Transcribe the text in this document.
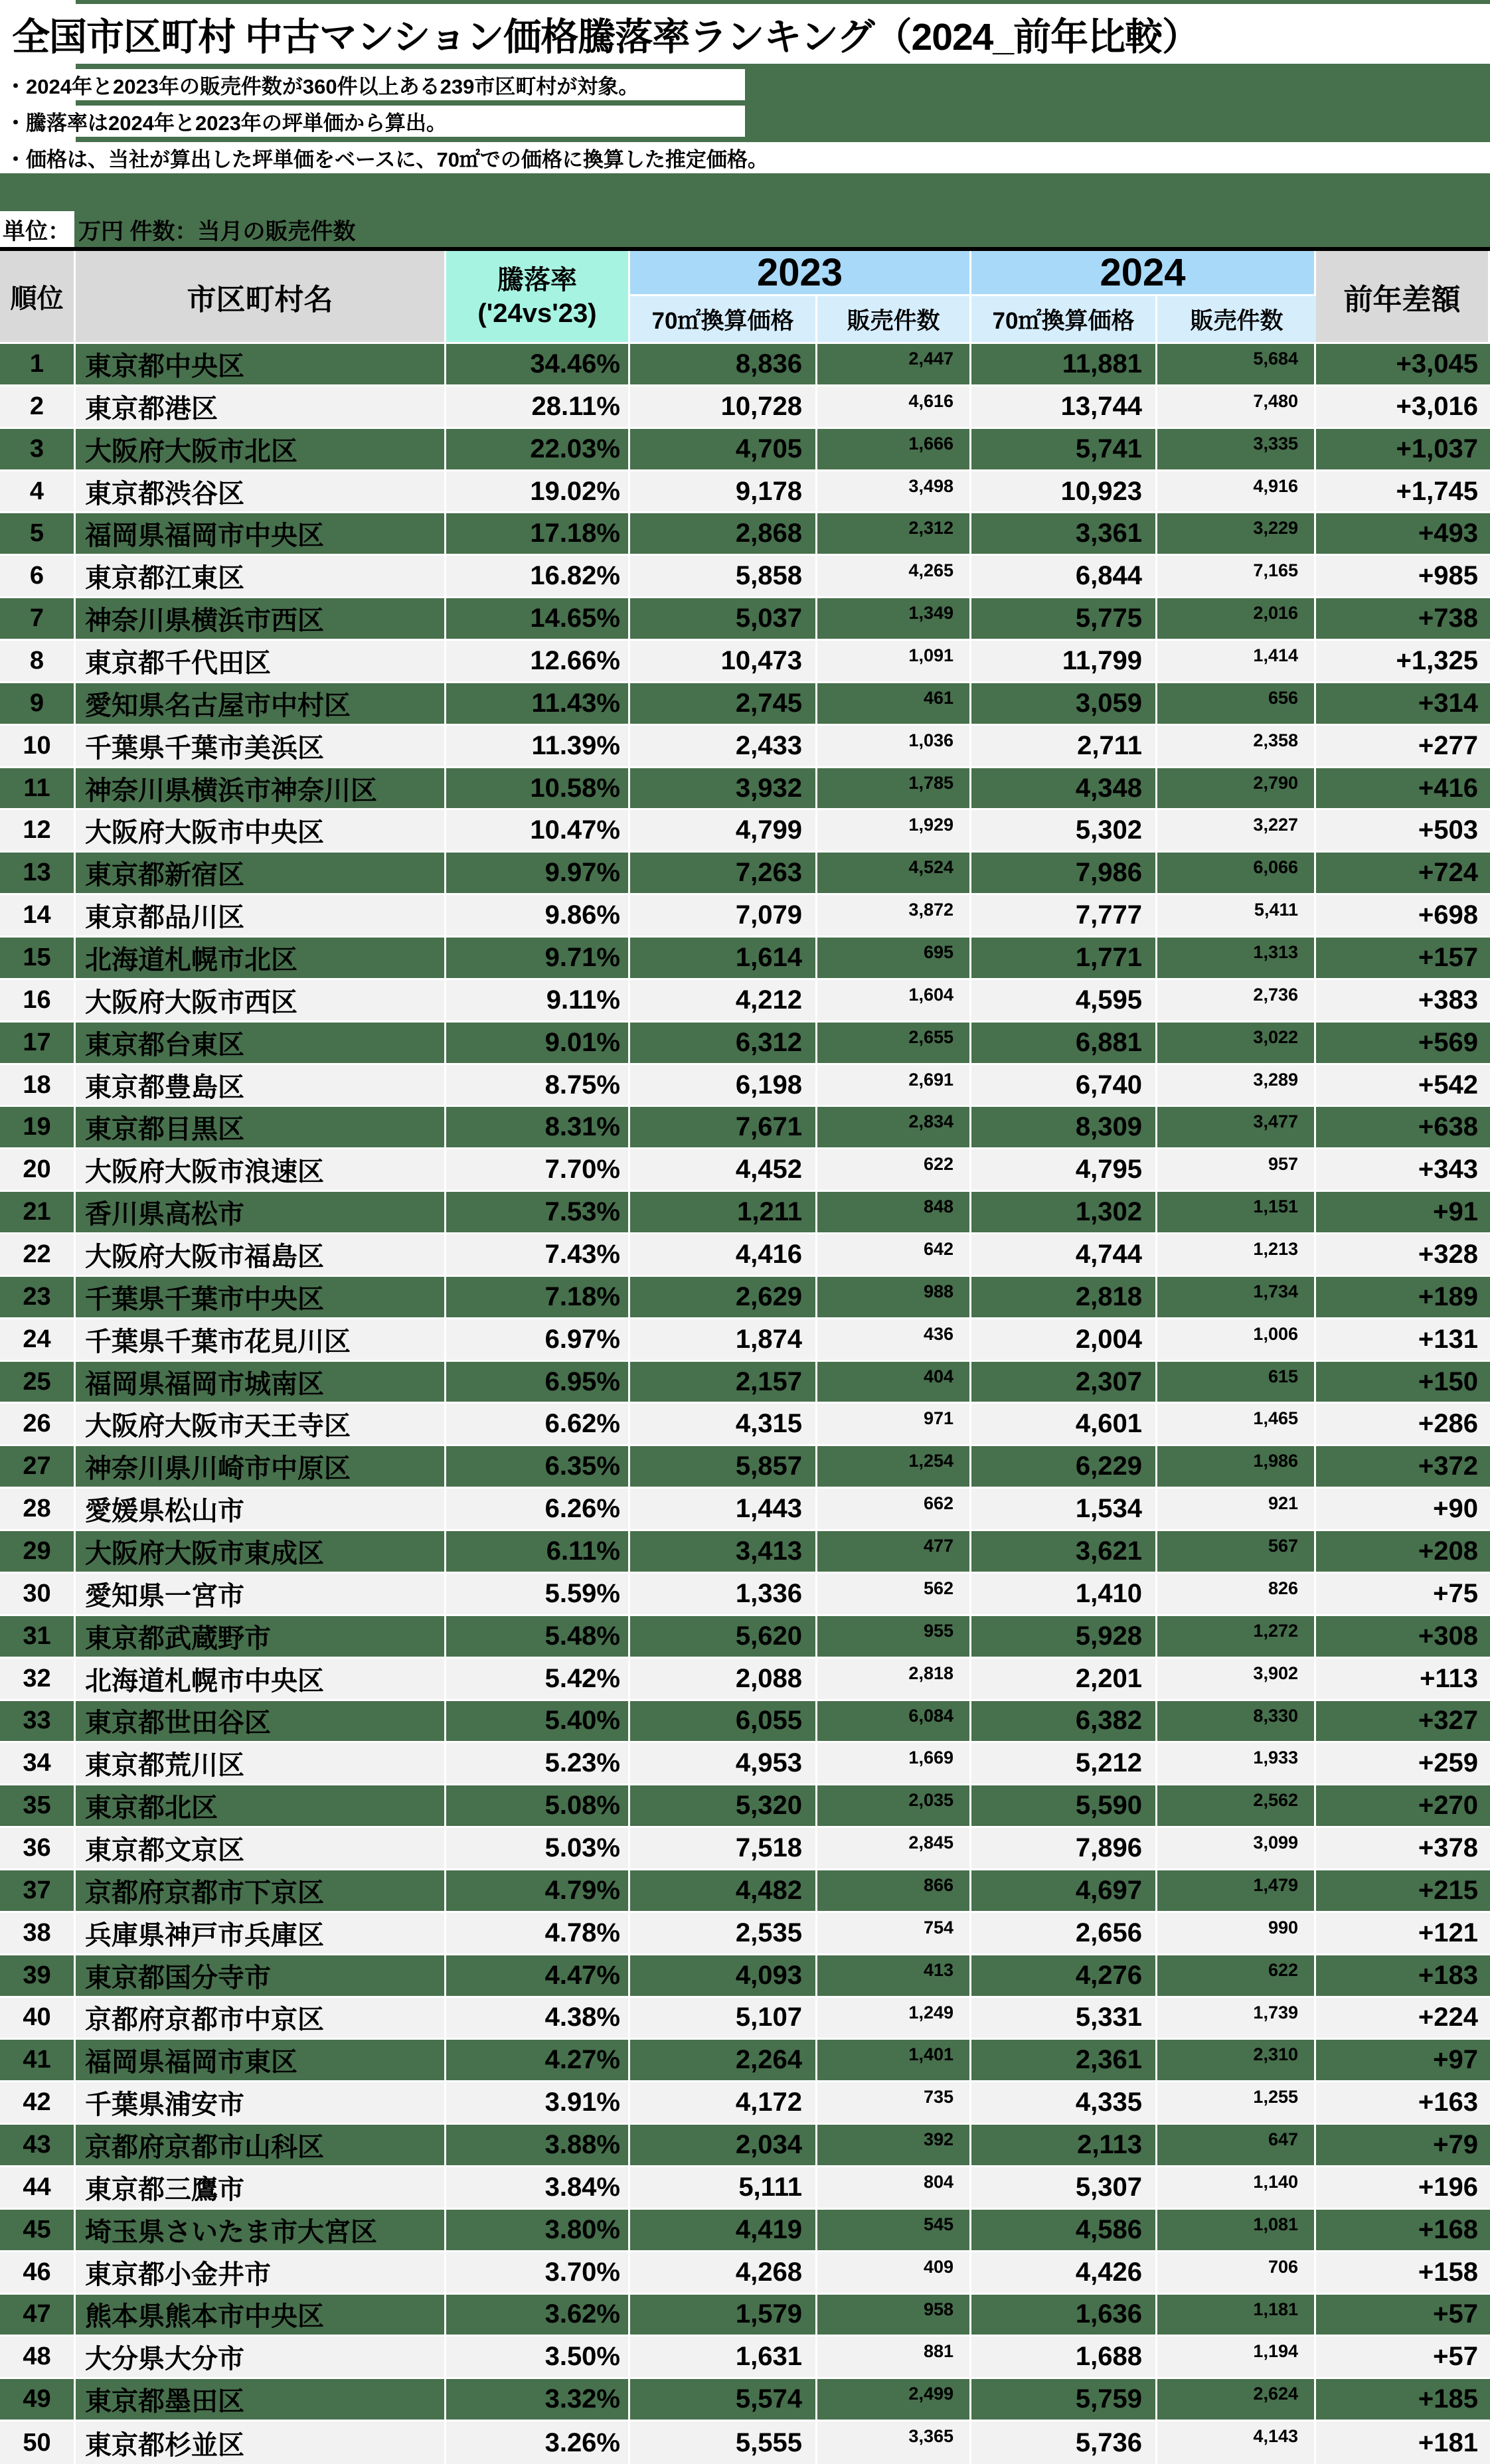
全国市区町村 中古マンション価格騰落率ランキング（2024_前年比較）
・2024年と2023年の販売件数が360件以上ある239市区町村が対象。
・騰落率は2024年と2023年の坪単価から算出。
・価格は、当社が算出した坪単価をベースに、70㎡での価格に換算した推定価格。
単位： 万円 件数：当月の販売件数
順位	市区町村名
騰落率
('24vs'23)
2023	2024
前年差額
70㎡換算価格	販売件数	70㎡換算価格	販売件数
1	東京都中央区	34.46%	8,836	2,447	11,881	5,684	+3,045
2	東京都港区	28.11%	10,728	4,616	13,744	7,480	+3,016
3	大阪府大阪市北区	22.03%	4,705	1,666	5,741	3,335	+1,037
4	東京都渋谷区	19.02%	9,178	3,498	10,923	4,916	+1,745
5	福岡県福岡市中央区	17.18%	2,868	2,312	3,361	3,229	+493
6	東京都江東区	16.82%	5,858	4,265	6,844	7,165	+985
7	神奈川県横浜市西区	14.65%	5,037	1,349	5,775	2,016	+738
8	東京都千代田区	12.66%	10,473	1,091	11,799	1,414	+1,325
9	愛知県名古屋市中村区	11.43%	2,745	461	3,059	656	+314
10	千葉県千葉市美浜区	11.39%	2,433	1,036	2,711	2,358	+277
11	神奈川県横浜市神奈川区	10.58%	3,932	1,785	4,348	2,790	+416
12	大阪府大阪市中央区	10.47%	4,799	1,929	5,302	3,227	+503
13	東京都新宿区	9.97%	7,263	4,524	7,986	6,066	+724
14	東京都品川区	9.86%	7,079	3,872	7,777	5,411	+698
15	北海道札幌市北区	9.71%	1,614	695	1,771	1,313	+157
16	大阪府大阪市西区	9.11%	4,212	1,604	4,595	2,736	+383
17	東京都台東区	9.01%	6,312	2,655	6,881	3,022	+569
18	東京都豊島区	8.75%	6,198	2,691	6,740	3,289	+542
19	東京都目黒区	8.31%	7,671	2,834	8,309	3,477	+638
20	大阪府大阪市浪速区	7.70%	4,452	622	4,795	957	+343
21	香川県高松市	7.53%	1,211	848	1,302	1,151	+91
22	大阪府大阪市福島区	7.43%	4,416	642	4,744	1,213	+328
23	千葉県千葉市中央区	7.18%	2,629	988	2,818	1,734	+189
24	千葉県千葉市花見川区	6.97%	1,874	436	2,004	1,006	+131
25	福岡県福岡市城南区	6.95%	2,157	404	2,307	615	+150
26	大阪府大阪市天王寺区	6.62%	4,315	971	4,601	1,465	+286
27	神奈川県川崎市中原区	6.35%	5,857	1,254	6,229	1,986	+372
28	愛媛県松山市	6.26%	1,443	662	1,534	921	+90
29	大阪府大阪市東成区	6.11%	3,413	477	3,621	567	+208
30	愛知県一宮市	5.59%	1,336	562	1,410	826	+75
31	東京都武蔵野市	5.48%	5,620	955	5,928	1,272	+308
32	北海道札幌市中央区	5.42%	2,088	2,818	2,201	3,902	+113
33	東京都世田谷区	5.40%	6,055	6,084	6,382	8,330	+327
34	東京都荒川区	5.23%	4,953	1,669	5,212	1,933	+259
35	東京都北区	5.08%	5,320	2,035	5,590	2,562	+270
36	東京都文京区	5.03%	7,518	2,845	7,896	3,099	+378
37	京都府京都市下京区	4.79%	4,482	866	4,697	1,479	+215
38	兵庫県神戸市兵庫区	4.78%	2,535	754	2,656	990	+121
39	東京都国分寺市	4.47%	4,093	413	4,276	622	+183
40	京都府京都市中京区	4.38%	5,107	1,249	5,331	1,739	+224
41	福岡県福岡市東区	4.27%	2,264	1,401	2,361	2,310	+97
42	千葉県浦安市	3.91%	4,172	735	4,335	1,255	+163
43	京都府京都市山科区	3.88%	2,034	392	2,113	647	+79
44	東京都三鷹市	3.84%	5,111	804	5,307	1,140	+196
45	埼玉県さいたま市大宮区	3.80%	4,419	545	4,586	1,081	+168
46	東京都小金井市	3.70%	4,268	409	4,426	706	+158
47	熊本県熊本市中央区	3.62%	1,579	958	1,636	1,181	+57
48	大分県大分市	3.50%	1,631	881	1,688	1,194	+57
49	東京都墨田区	3.32%	5,574	2,499	5,759	2,624	+185
50	東京都杉並区	3.26%	5,555	3,365	5,736	4,143	+181
